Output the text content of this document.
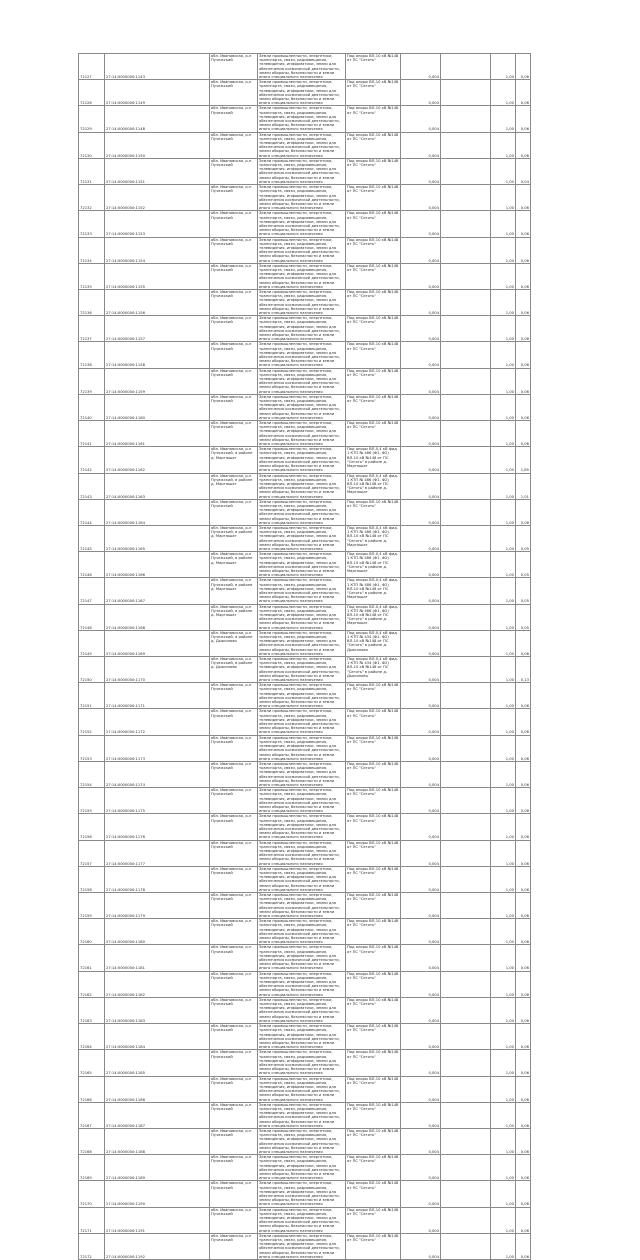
72127	27:14:0000000:1143	обл. Ивановская, р-н Пучежский	Земли промышленности, энергетики, транспорта, связи, радиовещания, телевидения, информатики, земли для обеспечения космической деятельности, земли обороны, безопасности и земли иного специального назначения	Под опоры ВЛ-10 кВ №148 от ПС "Сеготь"	0,004		1,00	0,06
72128	27:14:0000000:1149	обл. Ивановская, р-н Пучежский	Земли промышленности, энергетики, транспорта, связи, радиовещания, телевидения, информатики, земли для обеспечения космической деятельности, земли обороны, безопасности и земли иного специального назначения	Под опоры ВЛ-10 кВ №148 от ПС "Сеготь"	0,004		1,00	0,06
72129	27:14:0000000:1148	обл. Ивановская, р-н Пучежский	Земли промышленности, энергетики, транспорта, связи, радиовещания, телевидения, информатики, земли для обеспечения космической деятельности, земли обороны, безопасности и земли иного специального назначения	Под опоры ВЛ-10 кВ №148 от ПС "Сеготь"	0,004		1,00	0,06
72130	27:14:0000000:1150	обл. Ивановская, р-н Пучежский	Земли промышленности, энергетики, транспорта, связи, радиовещания, телевидения, информатики, земли для обеспечения космической деятельности, земли обороны, безопасности и земли иного специального назначения	Под опоры ВЛ-10 кВ №148 от ПС "Сеготь"	0,004		1,00	0,06
72131	27:14:0000000:1151	обл. Ивановская, р-н Пучежский	Земли промышленности, энергетики, транспорта, связи, радиовещания, телевидения, информатики, земли для обеспечения космической деятельности, земли обороны, безопасности и земли иного специального назначения	Под опоры ВЛ-10 кВ №148 от ПС "Сеготь"	0,004		1,00	0,04
72132	27:14:0000000:1152	обл. Ивановская, р-н Пучежский	Земли промышленности, энергетики, транспорта, связи, радиовещания, телевидения, информатики, земли для обеспечения космической деятельности, земли обороны, безопасности и земли иного специального назначения	Под опоры ВЛ-10 кВ №148 от ПС "Сеготь"	0,004		1,00	0,06
72133	27:14:0000000:1153	обл. Ивановская, р-н Пучежский	Земли промышленности, энергетики, транспорта, связи, радиовещания, телевидения, информатики, земли для обеспечения космической деятельности, земли обороны, безопасности и земли иного специального назначения	Под опоры ВЛ-10 кВ №148 от ПС "Сеготь"	0,004		1,00	0,06
72134	27:14:0000000:1154	обл. Ивановская, р-н Пучежский	Земли промышленности, энергетики, транспорта, связи, радиовещания, телевидения, информатики, земли для обеспечения космической деятельности, земли обороны, безопасности и земли иного специального назначения	Под опоры ВЛ-10 кВ №148 от ПС "Сеготь"	0,004		1,00	0,06
72135	27:14:0000000:1155	обл. Ивановская, р-н Пучежский	Земли промышленности, энергетики, транспорта, связи, радиовещания, телевидения, информатики, земли для обеспечения космической деятельности, земли обороны, безопасности и земли иного специального назначения	Под опоры ВЛ-10 кВ №148 от ПС "Сеготь"	0,004		1,00	0,06
72136	27:14:0000000:1156	обл. Ивановская, р-н Пучежский	Земли промышленности, энергетики, транспорта, связи, радиовещания, телевидения, информатики, земли для обеспечения космической деятельности, земли обороны, безопасности и земли иного специального назначения	Под опоры ВЛ-10 кВ №148 от ПС "Сеготь"	0,004		1,00	0,06
72137	27:14:0000000:1157	обл. Ивановская, р-н Пучежский	Земли промышленности, энергетики, транспорта, связи, радиовещания, телевидения, информатики, земли для обеспечения космической деятельности, земли обороны, безопасности и земли иного специального назначения	Под опоры ВЛ-10 кВ №148 от ПС "Сеготь"	0,004		1,00	0,06
72138	27:14:0000000:1158	обл. Ивановская, р-н Пучежский	Земли промышленности, энергетики, транспорта, связи, радиовещания, телевидения, информатики, земли для обеспечения космической деятельности, земли обороны, безопасности и земли иного специального назначения	Под опоры ВЛ-10 кВ №148 от ПС "Сеготь"	0,004		1,00	0,06
72139	27:14:0000000:1159	обл. Ивановская, р-н Пучежский	Земли промышленности, энергетики, транспорта, связи, радиовещания, телевидения, информатики, земли для обеспечения космической деятельности, земли обороны, безопасности и земли иного специального назначения	Под опоры ВЛ-10 кВ №148 от ПС "Сеготь"	0,004		1,00	0,06
72140	27:14:0000000:1160	обл. Ивановская, р-н Пучежский	Земли промышленности, энергетики, транспорта, связи, радиовещания, телевидения, информатики, земли для обеспечения космической деятельности, земли обороны, безопасности и земли иного специального назначения	Под опоры ВЛ-10 кВ №148 от ПС "Сеготь"	0,004		1,00	0,06
72141	27:14:0000000:1161	обл. Ивановская, р-н Пучежский	Земли промышленности, энергетики, транспорта, связи, радиовещания, телевидения, информатики, земли для обеспечения космической деятельности, земли обороны, безопасности и земли иного специального назначения	Под опоры ВЛ-10 кВ №148 от ПС "Сеготь"	0,004		1,00	0,06
72142	27:14:0000000:1162	обл. Ивановская, р-н Пучежский, в районе д. Мартюшат	Земли промышленности, энергетики, транспорта, связи, радиовещания, телевидения, информатики, земли для обеспечения космической деятельности, земли обороны, безопасности и земли иного специального назначения	Под опоры ВЛ-0,4 кВ фид. 1 КТП № 486 (Ф1, Ф2) ВЛ-10 кВ №148 от ПС "Сеготь" в районе д. Мартюшат	0,004		1,00	1,85
72143	27:14:0000000:1163	обл. Ивановская, р-н Пучежский, в районе д. Мартюшат	Земли промышленности, энергетики, транспорта, связи, радиовещания, телевидения, информатики, земли для обеспечения космической деятельности, земли обороны, безопасности и земли иного специального назначения	Под опоры ВЛ-0,4 кВ фид. 1 КТП № 486 (Ф1, Ф2) ВЛ-10 кВ №148 от ПС "Сеготь" в районе д. Мартюшат	0,004		1,00	1,01
72144	27:14:0000000:1164	обл. Ивановская, р-н Пучежский	Земли промышленности, энергетики, транспорта, связи, радиовещания, телевидения, информатики, земли для обеспечения космической деятельности, земли обороны, безопасности и земли иного специального назначения	Под опоры ВЛ-10 кВ №148 от ПС "Сеготь"	0,004		1,00	0,06
72145	27:14:0000000:1165	обл. Ивановская, р-н Пучежский, в районе д. Мартюшат	Земли промышленности, энергетики, транспорта, связи, радиовещания, телевидения, информатики, земли для обеспечения космической деятельности, земли обороны, безопасности и земли иного специального назначения	Под опоры ВЛ-0,4 кВ фид. 1 КТП № 486 (Ф1, Ф2) ВЛ-10 кВ №148 от ПС "Сеготь" в районе д. Мартюшат	0,004		1,00	0,05
72146	27:14:0000000:1166	обл. Ивановская, р-н Пучежский, в районе д. Мартюшат	Земли промышленности, энергетики, транспорта, связи, радиовещания, телевидения, информатики, земли для обеспечения космической деятельности, земли обороны, безопасности и земли иного специального назначения	Под опоры ВЛ-0,4 кВ фид. 1 КТП № 486 (Ф1, Ф2) ВЛ-10 кВ №148 от ПС "Сеготь" в районе д. Мартюшат	0,004		1,00	0,05
72147	27:14:0000000:1167	обл. Ивановская, р-н Пучежский, в районе д. Мартюшат	Земли промышленности, энергетики, транспорта, связи, радиовещания, телевидения, информатики, земли для обеспечения космической деятельности, земли обороны, безопасности и земли иного специального назначения	Под опоры ВЛ-0,4 кВ фид. 1 КТП № 486 (Ф1, Ф2) ВЛ-10 кВ №148 от ПС "Сеготь" в районе д. Мартюшат	0,004		1,00	0,05
72148	27:14:0000000:1168	обл. Ивановская, р-н Пучежский, в районе д. Мартюшат	Земли промышленности, энергетики, транспорта, связи, радиовещания, телевидения, информатики, земли для обеспечения космической деятельности, земли обороны, безопасности и земли иного специального назначения	Под опоры ВЛ-0,4 кВ фид. 1 КТП № 486 (Ф1, Ф2) ВЛ-10 кВ №148 от ПС "Сеготь" в районе д. Мартюшат	0,004		1,00	0,05
72149	27:14:0000000:1169	обл. Ивановская, р-н Пучежский, в районе д. Дьяконово	Земли промышленности, энергетики, транспорта, связи, радиовещания, телевидения, информатики, земли для обеспечения космической деятельности, земли обороны, безопасности и земли иного специального назначения	Под опоры ВЛ-0,4 кВ фид. 1 КТП № 434 (Ф1, Ф2) ВЛ-10 кВ №148 от ПС "Сеготь" в районе д. Дьяконово	0,004		1,00	0,06
72150	27:14:0000000:1170	обл. Ивановская, р-н Пучежский, в районе д. Дьяконово	Земли промышленности, энергетики, транспорта, связи, радиовещания, телевидения, информатики, земли для обеспечения космической деятельности, земли обороны, безопасности и земли иного специального назначения	Под опоры ВЛ-0,4 кВ фид. 1 КТП № 434 (Ф1, Ф2) ВЛ-10 кВ №148 от ПС "Сеготь" в районе д. Дьяконово	0,004		1,00	0,13
72151	27:14:0000000:1171	обл. Ивановская, р-н Пучежский	Земли промышленности, энергетики, транспорта, связи, радиовещания, телевидения, информатики, земли для обеспечения космической деятельности, земли обороны, безопасности и земли иного специального назначения	Под опоры ВЛ-10 кВ №148 от ПС "Сеготь"	0,004		1,00	0,06
72152	27:14:0000000:1172	обл. Ивановская, р-н Пучежский	Земли промышленности, энергетики, транспорта, связи, радиовещания, телевидения, информатики, земли для обеспечения космической деятельности, земли обороны, безопасности и земли иного специального назначения	Под опоры ВЛ-10 кВ №148 от ПС "Сеготь"	0,004		1,00	0,06
72153	27:14:0000000:1173	обл. Ивановская, р-н Пучежский	Земли промышленности, энергетики, транспорта, связи, радиовещания, телевидения, информатики, земли для обеспечения космической деятельности, земли обороны, безопасности и земли иного специального назначения	Под опоры ВЛ-10 кВ №148 от ПС "Сеготь"	0,004		1,00	0,06
72154	27:14:0000000:1174	обл. Ивановская, р-н Пучежский	Земли промышленности, энергетики, транспорта, связи, радиовещания, телевидения, информатики, земли для обеспечения космической деятельности, земли обороны, безопасности и земли иного специального назначения	Под опоры ВЛ-10 кВ №148 от ПС "Сеготь"	0,004		1,00	0,06
72155	27:14:0000000:1175	обл. Ивановская, р-н Пучежский	Земли промышленности, энергетики, транспорта, связи, радиовещания, телевидения, информатики, земли для обеспечения космической деятельности, земли обороны, безопасности и земли иного специального назначения	Под опоры ВЛ-10 кВ №148 от ПС "Сеготь"	0,004		1,00	0,06
72156	27:14:0000000:1176	обл. Ивановская, р-н Пучежский	Земли промышленности, энергетики, транспорта, связи, радиовещания, телевидения, информатики, земли для обеспечения космической деятельности, земли обороны, безопасности и земли иного специального назначения	Под опоры ВЛ-10 кВ №148 от ПС "Сеготь"	0,004		1,00	0,06
72157	27:14:0000000:1177	обл. Ивановская, р-н Пучежский	Земли промышленности, энергетики, транспорта, связи, радиовещания, телевидения, информатики, земли для обеспечения космической деятельности, земли обороны, безопасности и земли иного специального назначения	Под опоры ВЛ-10 кВ №148 от ПС "Сеготь"	0,004		1,00	0,06
72158	27:14:0000000:1178	обл. Ивановская, р-н Пучежский	Земли промышленности, энергетики, транспорта, связи, радиовещания, телевидения, информатики, земли для обеспечения космической деятельности, земли обороны, безопасности и земли иного специального назначения	Под опоры ВЛ-10 кВ №148 от ПС "Сеготь"	0,004		1,00	0,06
72159	27:14:0000000:1179	обл. Ивановская, р-н Пучежский	Земли промышленности, энергетики, транспорта, связи, радиовещания, телевидения, информатики, земли для обеспечения космической деятельности, земли обороны, безопасности и земли иного специального назначения	Под опоры ВЛ-10 кВ №148 от ПС "Сеготь"	0,004		1,00	0,06
72160	27:14:0000000:1180	обл. Ивановская, р-н Пучежский	Земли промышленности, энергетики, транспорта, связи, радиовещания, телевидения, информатики, земли для обеспечения космической деятельности, земли обороны, безопасности и земли иного специального назначения	Под опоры ВЛ-10 кВ №148 от ПС "Сеготь"	0,004		1,00	0,06
72161	27:14:0000000:1181	обл. Ивановская, р-н Пучежский	Земли промышленности, энергетики, транспорта, связи, радиовещания, телевидения, информатики, земли для обеспечения космической деятельности, земли обороны, безопасности и земли иного специального назначения	Под опоры ВЛ-10 кВ №148 от ПС "Сеготь"	0,004		1,00	0,06
72162	27:14:0000000:1182	обл. Ивановская, р-н Пучежский	Земли промышленности, энергетики, транспорта, связи, радиовещания, телевидения, информатики, земли для обеспечения космической деятельности, земли обороны, безопасности и земли иного специального назначения	Под опоры ВЛ-10 кВ №148 от ПС "Сеготь"	0,004		1,00	0,06
72163	27:14:0000000:1183	обл. Ивановская, р-н Пучежский	Земли промышленности, энергетики, транспорта, связи, радиовещания, телевидения, информатики, земли для обеспечения космической деятельности, земли обороны, безопасности и земли иного специального назначения	Под опоры ВЛ-10 кВ №148 от ПС "Сеготь"	0,004		1,00	0,06
72164	27:14:0000000:1184	обл. Ивановская, р-н Пучежский	Земли промышленности, энергетики, транспорта, связи, радиовещания, телевидения, информатики, земли для обеспечения космической деятельности, земли обороны, безопасности и земли иного специального назначения	Под опоры ВЛ-10 кВ №148 от ПС "Сеготь"	0,004		1,00	0,06
72165	27:14:0000000:1185	обл. Ивановская, р-н Пучежский	Земли промышленности, энергетики, транспорта, связи, радиовещания, телевидения, информатики, земли для обеспечения космической деятельности, земли обороны, безопасности и земли иного специального назначения	Под опоры ВЛ-10 кВ №148 от ПС "Сеготь"	0,004		1,00	0,06
72166	27:14:0000000:1186	обл. Ивановская, р-н Пучежский	Земли промышленности, энергетики, транспорта, связи, радиовещания, телевидения, информатики, земли для обеспечения космической деятельности, земли обороны, безопасности и земли иного специального назначения	Под опоры ВЛ-10 кВ №148 от ПС "Сеготь"	0,004		1,00	0,06
72167	27:14:0000000:1187	обл. Ивановская, р-н Пучежский	Земли промышленности, энергетики, транспорта, связи, радиовещания, телевидения, информатики, земли для обеспечения космической деятельности, земли обороны, безопасности и земли иного специального назначения	Под опоры ВЛ-10 кВ №148 от ПС "Сеготь"	0,004		1,00	0,06
72168	27:14:0000000:1188	обл. Ивановская, р-н Пучежский	Земли промышленности, энергетики, транспорта, связи, радиовещания, телевидения, информатики, земли для обеспечения космической деятельности, земли обороны, безопасности и земли иного специального назначения	Под опоры ВЛ-10 кВ №148 от ПС "Сеготь"	0,004		1,00	0,06
72169	27:14:0000000:1189	обл. Ивановская, р-н Пучежский	Земли промышленности, энергетики, транспорта, связи, радиовещания, телевидения, информатики, земли для обеспечения космической деятельности, земли обороны, безопасности и земли иного специального назначения	Под опоры ВЛ-10 кВ №148 от ПС "Сеготь"	0,004		1,00	0,06
72170	27:14:0000000:1190	обл. Ивановская, р-н Пучежский	Земли промышленности, энергетики, транспорта, связи, радиовещания, телевидения, информатики, земли для обеспечения космической деятельности, земли обороны, безопасности и земли иного специального назначения	Под опоры ВЛ-10 кВ №148 от ПС "Сеготь"	0,004		1,00	0,06
72171	27:14:0000000:1191	обл. Ивановская, р-н Пучежский	Земли промышленности, энергетики, транспорта, связи, радиовещания, телевидения, информатики, земли для обеспечения космической деятельности, земли обороны, безопасности и земли иного специального назначения	Под опоры ВЛ-10 кВ №148 от ПС "Сеготь"	0,004		1,00	0,06
72172	27:14:0000000:1192	обл. Ивановская, р-н Пучежский	Земли промышленности, энергетики, транспорта, связи, радиовещания, телевидения, информатики, земли для обеспечения космической деятельности, земли обороны, безопасности и земли иного специального назначения	Под опоры ВЛ-10 кВ №148 от ПС "Сеготь"	0,004		1,00	0,06
